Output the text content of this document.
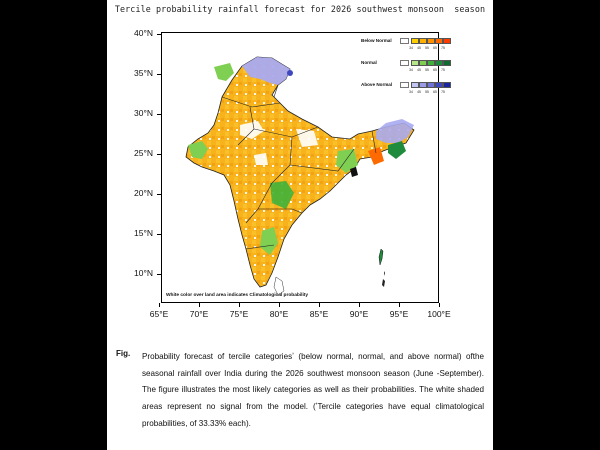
Tercile probability rainfall forecast for 2026 southwest monsoon  season
40°N
35°N
30°N
25°N
20°N
15°N
10°N
65°E	70°E	75°E	80°E	85°E	90°E	95°E	100°E
Below Normal
34	45	55	65	75
Normal
34	45	55	65	75
Above Normal
34	45	55	65	75
White color over land area indicates Climatological probability
Fig. Probability forecast of tercile categoriesʼ (below normal, normal, and above normal) ofthe seasonal rainfall over India during the 2026 southwest monsoon season (June -September). The figure illustrates the most likely categories as well as their probabilities. The white shaded areas represent no signal from the model. (ʼTercile categories have equal climatological probabilities, of 33.33% each).
